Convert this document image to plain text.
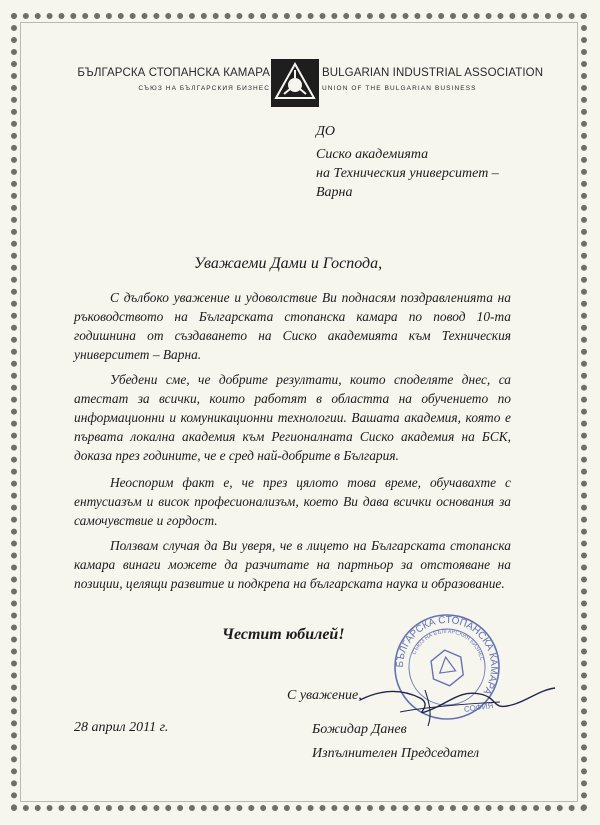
БЪЛГАРСКА СТОПАНСКА КАМАРА
СЪЮЗ НА БЪЛГАРСКИЯ БИЗНЕС
BULGARIAN INDUSTRIAL ASSOCIATION
UNION OF THE BULGARIAN BUSINESS
ДО
Сиско академията
на Техническия университет –
Варна
Уважаеми Дами и Господа,

С дълбоко уважение и удоволствие Ви поднасям поздравленията на ръководството на Българската стопанска камара по повод 10-та годишнина от създаването на Сиско академията към Техническия университет – Варна.

Убедени сме, че добрите резултати, които споделяте днес, са атестат за всички, които работят в областта на обучението по информационни и комуникационни технологии. Вашата академия, която е първата локална академия към Регионалната Сиско академия на БСК, доказа през годините, че е сред най-добрите в България.

Неоспорим факт е, че през цялото това време, обучавахте с ентусиазъм и висок професионализъм, което Ви дава всички основания за самочувствие и гордост.

Ползвам случая да Ви уверя, че в лицето на Българската стопанска камара винаги можете да разчитате на партньор за отстояване на позиции, целящи развитие и подкрепа на българската наука и образование.

Честит юбилей!
БЪЛГАРСКА СТОПАНСКА КАМАРА
СЪЮЗ НА БЪЛГАРСКИЯ БИЗНЕС
СОФИЯ
С уважение,
28 април 2011 г.	Божидар Данев
Изпълнителен Председател
